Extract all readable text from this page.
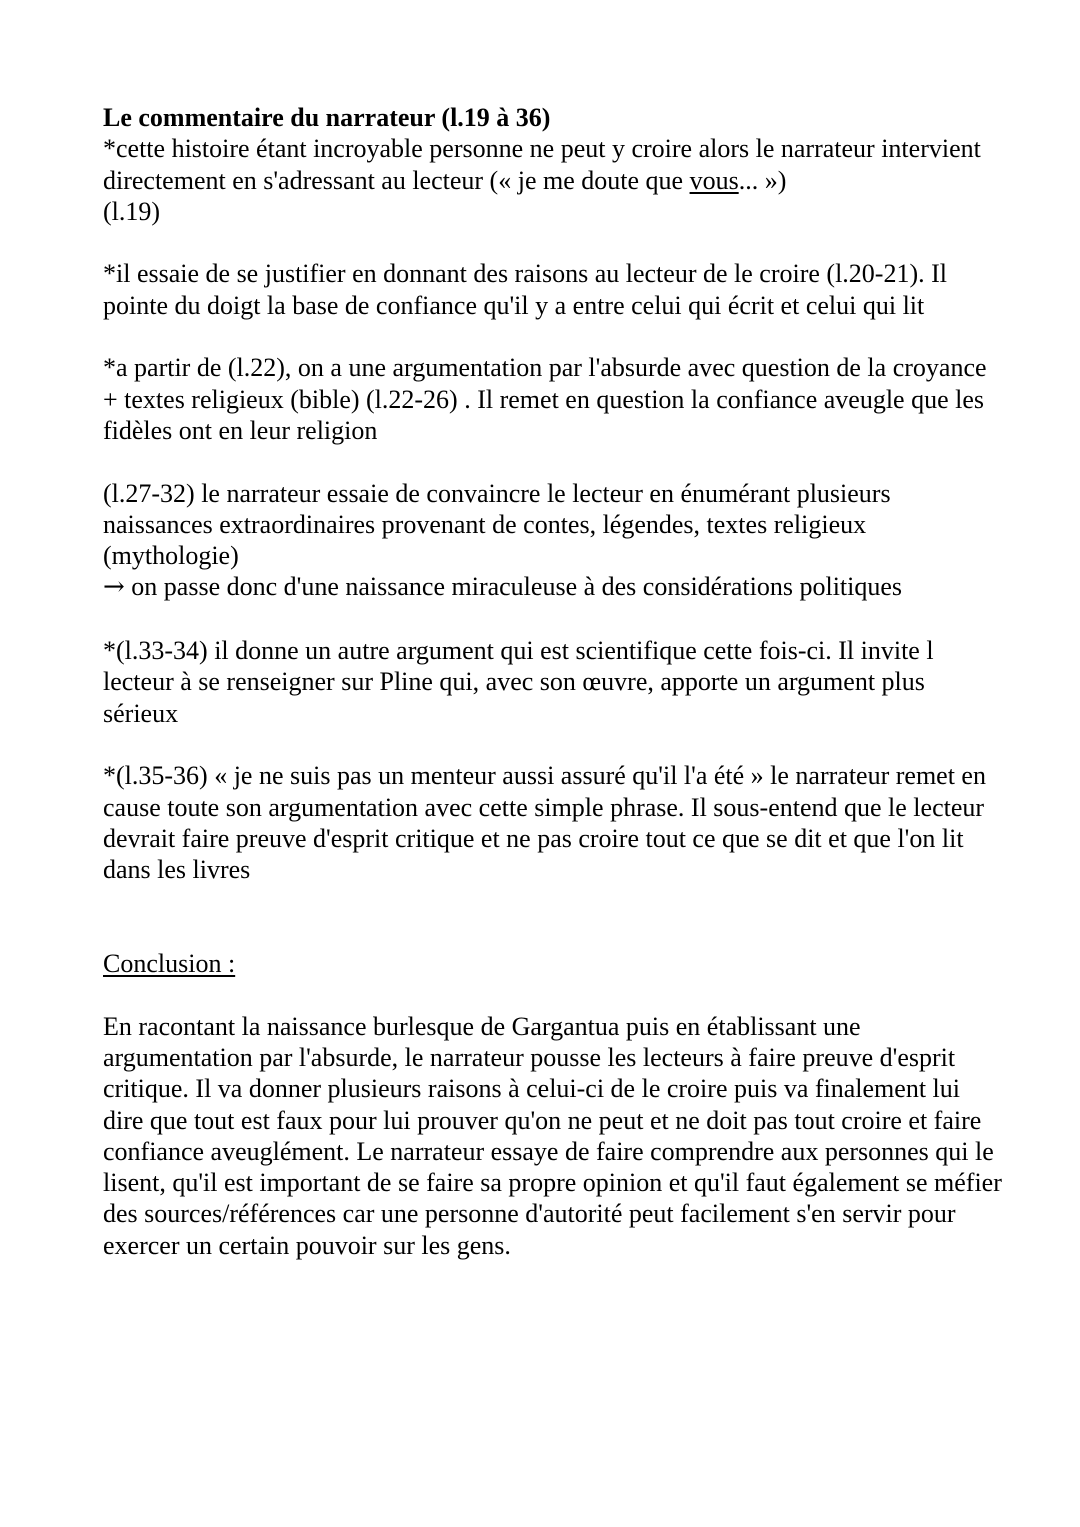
Le commentaire du narrateur (l.19 à 36)

*cette histoire étant incroyable personne ne peut y croire alors le narrateur intervient directement en s'adressant au lecteur (« je me doute que vous... »)
(l.19)

*il essaie de se justifier en donnant des raisons au lecteur de le croire (l.20-21). Il pointe du doigt la base de confiance qu'il y a entre celui qui écrit et celui qui lit

*a partir de (l.22), on a une argumentation par l'absurde avec question de la croyance + textes religieux (bible) (l.22-26) . Il remet en question la confiance aveugle que les fidèles ont en leur religion

(l.27-32) le narrateur essaie de convaincre le lecteur en énumérant plusieurs naissances extraordinaires provenant de contes, légendes, textes religieux (mythologie)
→ on passe donc d'une naissance miraculeuse à des considérations politiques

*(l.33-34) il donne un autre argument qui est scientifique cette fois-ci. Il invite l lecteur à se renseigner sur Pline qui, avec son œuvre, apporte un argument plus sérieux

*(l.35-36) « je ne suis pas un menteur aussi assuré qu'il l'a été » le narrateur remet en cause toute son argumentation avec cette simple phrase. Il sous-entend que le lecteur devrait faire preuve d'esprit critique et ne pas croire tout ce que se dit et que l'on lit dans les livres

Conclusion :

En racontant la naissance burlesque de Gargantua puis en établissant une argumentation par l'absurde, le narrateur pousse les lecteurs à faire preuve d'esprit critique. Il va donner plusieurs raisons à celui-ci de le croire puis va finalement lui dire que tout est faux pour lui prouver qu'on ne peut et ne doit pas tout croire et faire confiance aveuglément. Le narrateur essaye de faire comprendre aux personnes qui le lisent, qu'il est important de se faire sa propre opinion et qu'il faut également se méfier des sources/références car une personne d'autorité peut facilement s'en servir pour exercer un certain pouvoir sur les gens.
